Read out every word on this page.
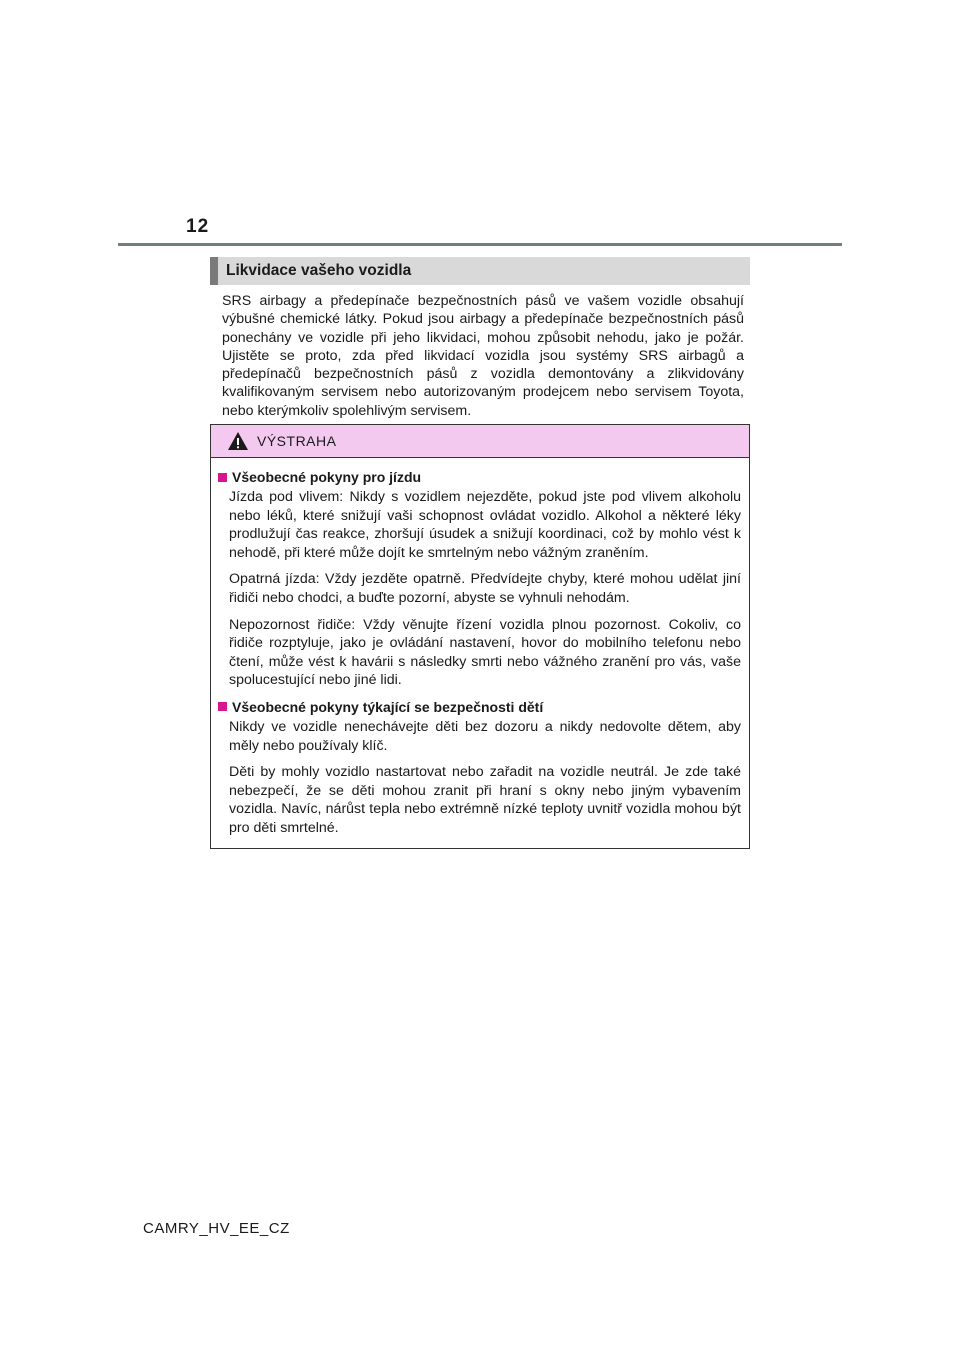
12
Likvidace vašeho vozidla

SRS airbagy a předepínače bezpečnostních pásů ve vašem vozidle obsahují výbušné chemické látky. Pokud jsou airbagy a předepínače bezpečnostních pásů ponechány ve vozidle při jeho likvidaci, mohou způsobit nehodu, jako je požár. Ujistěte se proto, zda před likvidací vozidla jsou systémy SRS airbagů a předepínačů bezpečnostních pásů z vozidla demontovány a zlikvidovány kvalifikovaným servisem nebo autorizovaným prodejcem nebo servisem Toyota, nebo kterýmkoliv spolehlivým servisem.

VÝSTRAHA
Všeobecné pokyny pro jízdu

Jízda pod vlivem: Nikdy s vozidlem nejezděte, pokud jste pod vlivem alkoholu nebo léků, které snižují vaši schopnost ovládat vozidlo. Alkohol a některé léky prodlužují čas reakce, zhoršují úsudek a snižují koordinaci, což by mohlo vést k nehodě, při které může dojít ke smrtelným nebo vážným zraněním.

Opatrná jízda: Vždy jezděte opatrně. Předvídejte chyby, které mohou udělat jiní řidiči nebo chodci, a buďte pozorní, abyste se vyhnuli nehodám.

Nepozornost řidiče: Vždy věnujte řízení vozidla plnou pozornost. Cokoliv, co řidiče rozptyluje, jako je ovládání nastavení, hovor do mobilního telefonu nebo čtení, může vést k havárii s následky smrti nebo vážného zranění pro vás, vaše spolucestující nebo jiné lidi.

Všeobecné pokyny týkající se bezpečnosti dětí

Nikdy ve vozidle nenechávejte děti bez dozoru a nikdy nedovolte dětem, aby měly nebo používaly klíč.

Děti by mohly vozidlo nastartovat nebo zařadit na vozidle neutrál. Je zde také nebezpečí, že se děti mohou zranit při hraní s okny nebo jiným vybavením vozidla. Navíc, nárůst tepla nebo extrémně nízké teploty uvnitř vozidla mohou být pro děti smrtelné.

CAMRY_HV_EE_CZ
